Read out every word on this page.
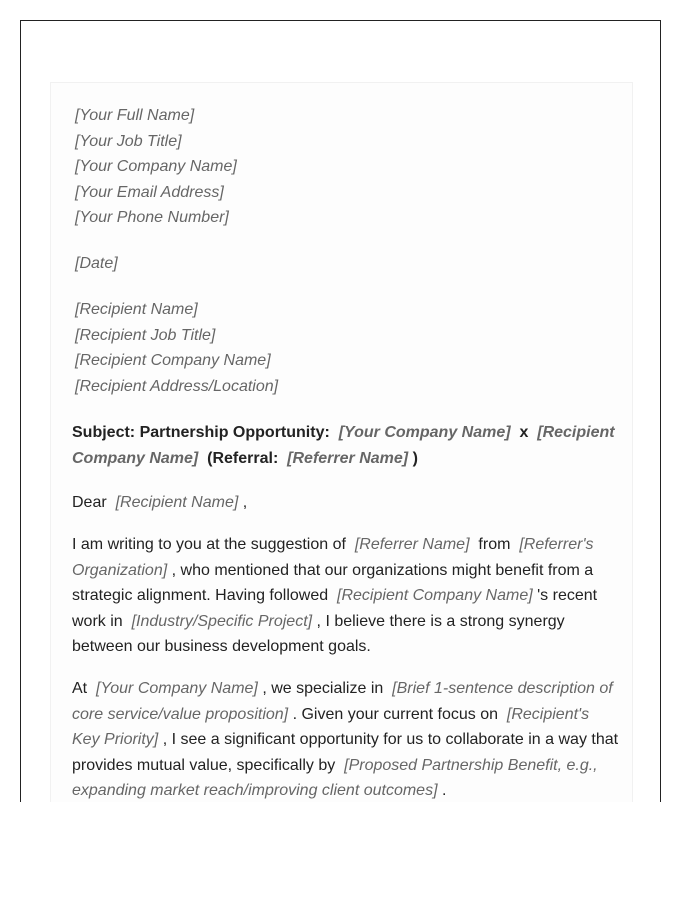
[Your Full Name]
[Your Job Title]
[Your Company Name]
[Your Email Address]
[Your Phone Number]
[Date]
[Recipient Name]
[Recipient Job Title]
[Recipient Company Name]
[Recipient Address/Location]
Subject: Partnership Opportunity: [Your Company Name] x [Recipient Company Name] (Referral: [Referrer Name] )
Dear [Recipient Name] ,
I am writing to you at the suggestion of [Referrer Name] from [Referrer's Organization] , who mentioned that our organizations might benefit from a strategic alignment. Having followed [Recipient Company Name] 's recent work in [Industry/Specific Project] , I believe there is a strong synergy between our business development goals.
At [Your Company Name] , we specialize in [Brief 1-sentence description of core service/value proposition] . Given your current focus on [Recipient's Key Priority] , I see a significant opportunity for us to collaborate in a way that provides mutual value, specifically by [Proposed Partnership Benefit, e.g., expanding market reach/improving client outcomes] .
